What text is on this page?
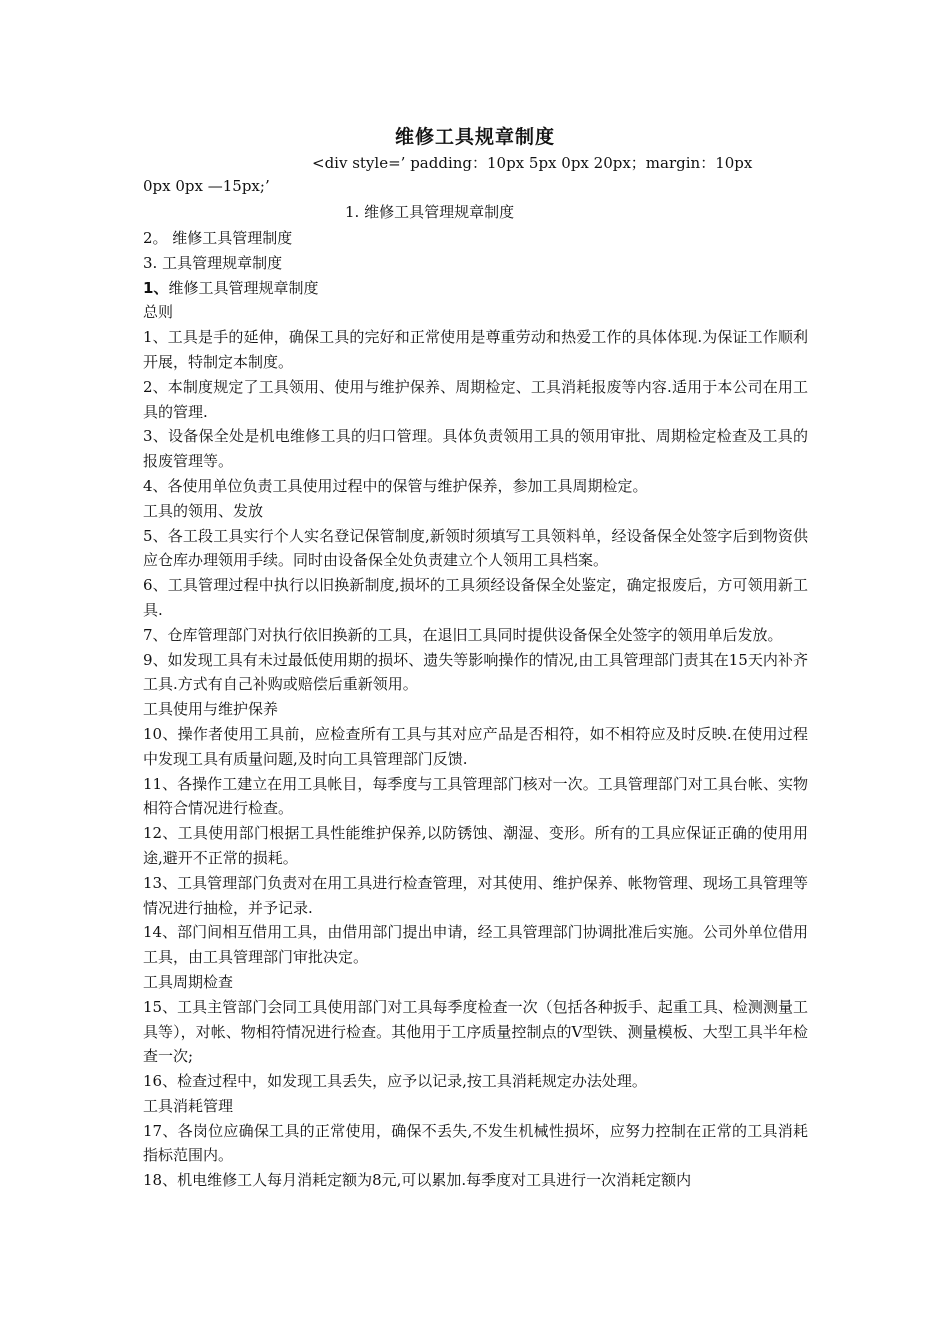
维修工具规章制度
<div style=’ padding：10px 5px 0px 20px；margin：10px
0px 0px —15px;’
1. 维修工具管理规章制度

2。 维修工具管理制度

3. 工具管理规章制度

1、维修工具管理规章制度

总则

1、工具是手的延伸，确保工具的完好和正常使用是尊重劳动和热爱工作的具体体现.为保证工作顺利开展，特制定本制度。

2、本制度规定了工具领用、使用与维护保养、周期检定、工具消耗报废等内容.适用于本公司在用工具的管理.

3、设备保全处是机电维修工具的归口管理。具体负责领用工具的领用审批、周期检定检查及工具的报废管理等。

4、各使用单位负责工具使用过程中的保管与维护保养，参加工具周期检定。

工具的领用、发放

5、各工段工具实行个人实名登记保管制度,新领时须填写工具领料单，经设备保全处签字后到物资供应仓库办理领用手续。同时由设备保全处负责建立个人领用工具档案。

6、工具管理过程中执行以旧换新制度,损坏的工具须经设备保全处鉴定，确定报废后，方可领用新工具.

7、仓库管理部门对执行依旧换新的工具，在退旧工具同时提供设备保全处签字的领用单后发放。

9、如发现工具有未过最低使用期的损坏、遗失等影响操作的情况,由工具管理部门责其在15天内补齐工具.方式有自己补购或赔偿后重新领用。

工具使用与维护保养

10、操作者使用工具前，应检查所有工具与其对应产品是否相符，如不相符应及时反映.在使用过程中发现工具有质量问题,及时向工具管理部门反馈.

11、各操作工建立在用工具帐目，每季度与工具管理部门核对一次。工具管理部门对工具台帐、实物相符合情况进行检查。

12、工具使用部门根据工具性能维护保养,以防锈蚀、潮湿、变形。所有的工具应保证正确的使用用途,避开不正常的损耗。

13、工具管理部门负责对在用工具进行检查管理，对其使用、维护保养、帐物管理、现场工具管理等情况进行抽检，并予记录.

14、部门间相互借用工具，由借用部门提出申请，经工具管理部门协调批准后实施。公司外单位借用工具，由工具管理部门审批决定。

工具周期检查

15、工具主管部门会同工具使用部门对工具每季度检查一次（包括各种扳手、起重工具、检测测量工具等），对帐、物相符情况进行检查。其他用于工序质量控制点的V型铁、测量模板、大型工具半年检查一次;

16、检查过程中，如发现工具丢失，应予以记录,按工具消耗规定办法处理。

工具消耗管理

17、各岗位应确保工具的正常使用，确保不丢失,不发生机械性损坏，应努力控制在正常的工具消耗指标范围内。

18、机电维修工人每月消耗定额为8元,可以累加.每季度对工具进行一次消耗定额内
